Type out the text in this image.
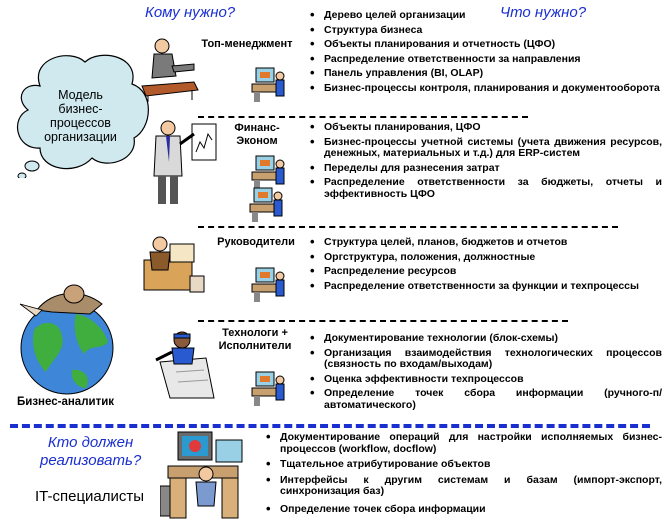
Кому нужно?	Что нужно?
Модель
бизнес-
процессов
организации
Бизнес-аналитик
Топ-менеджмент
Финанс-
Эконом
Руководители
Технологи +
Исполнители
• Дерево целей организации
• Структура бизнеса
• Объекты планирования и отчетность (ЦФО)
• Распределение ответственности за направления
• Панель управления (BI, OLAP)
• Бизнес-процессы контроля, планирования и документооборота
• Объекты планирования, ЦФО
• Бизнес-процессы учетной системы (учета движения ресурсов, денежных, материальных и т.д.) для ERP-систем
• Переделы для разнесения затрат
• Распределение ответственности за бюджеты, отчеты и эффективность ЦФО
• Структура целей, планов, бюджетов и отчетов
• Оргструктура, положения, должностные
• Распределение ресурсов
• Распределение ответственности за функции и техпроцессы
• Документирование технологии (блок-схемы)
• Организация взаимодействия технологических процессов (связность по входам/выходам)
• Оценка эффективности техпроцессов
• Определение точек сбора информации (ручного-п/автоматического)
Кто должен
реализовать?
IT-специалисты
• Документирование операций для настройки исполняемых бизнес-процессов (workflow, docflow)
• Тщательное атрибутирование объектов
• Интерфейсы к другим системам и базам (импорт-экспорт, синхронизация баз)
• Определение точек сбора информации
